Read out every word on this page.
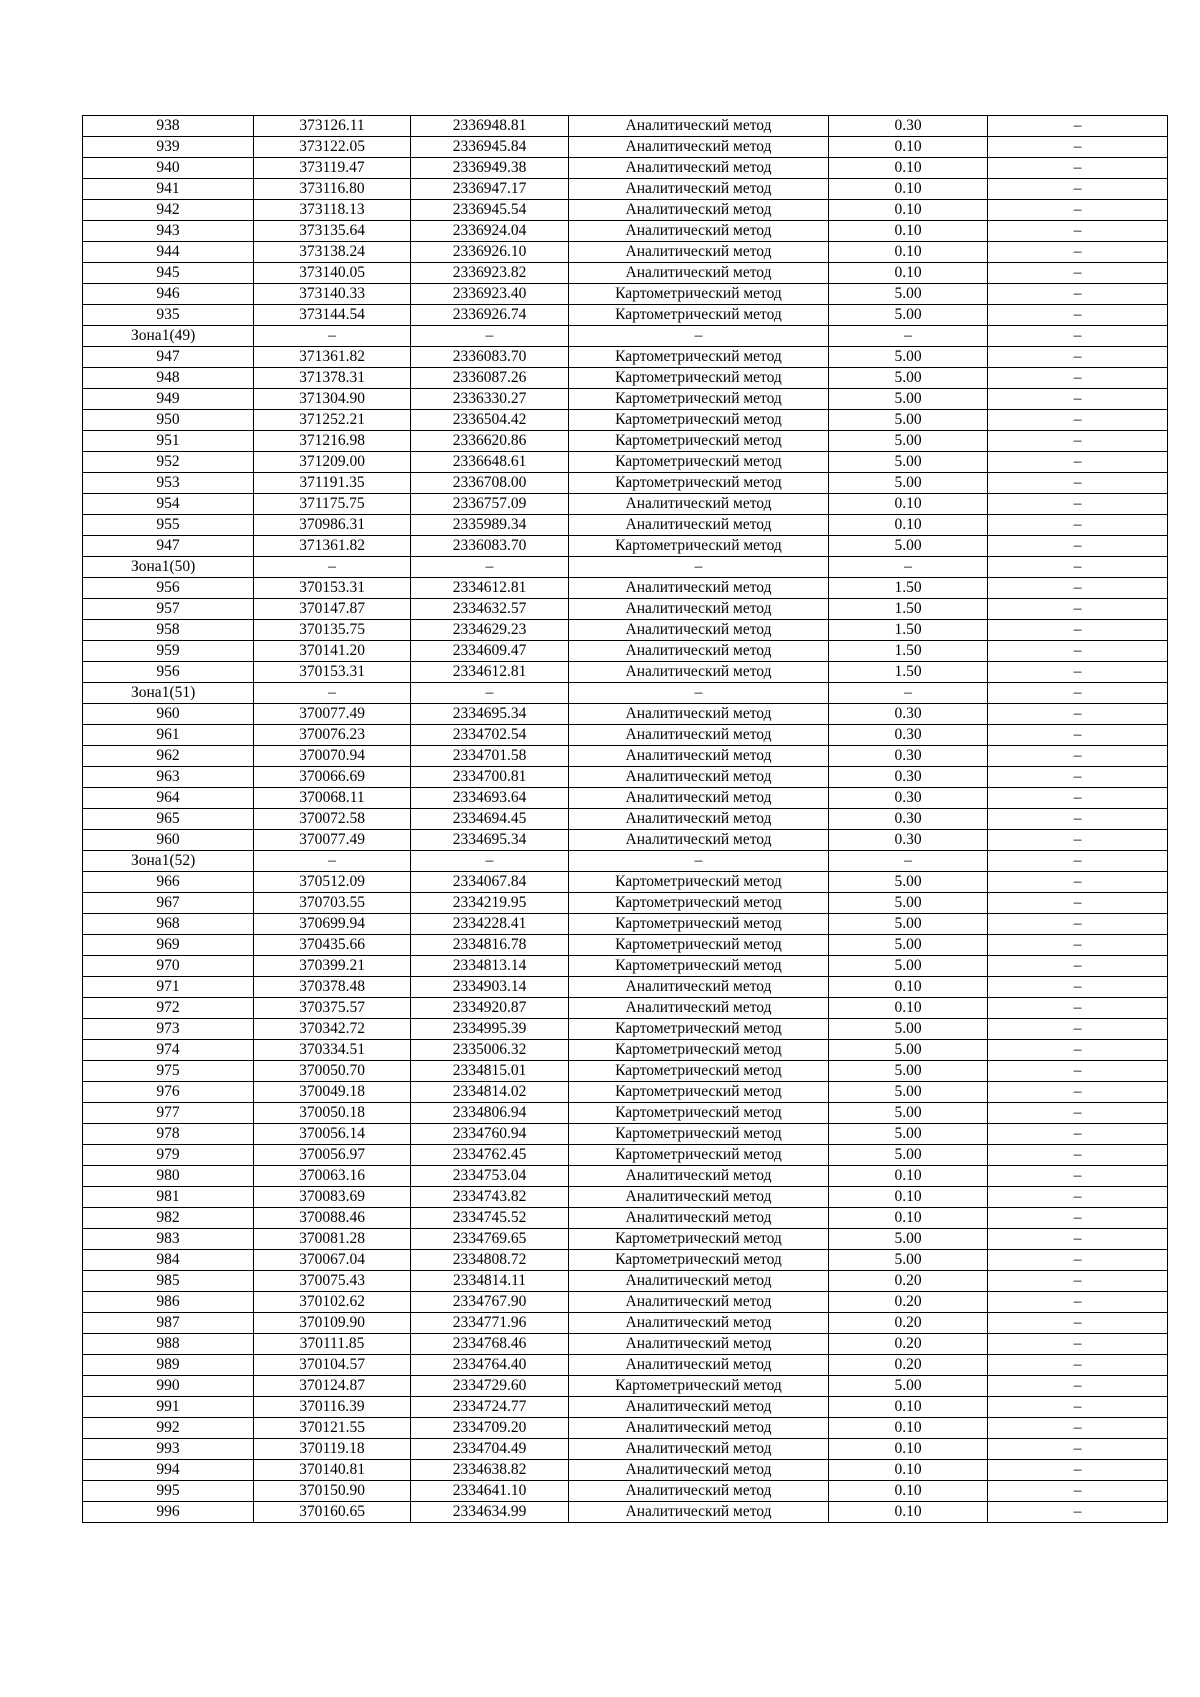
938	373126.11	2336948.81	Аналитический метод	0.30	–
939	373122.05	2336945.84	Аналитический метод	0.10	–
940	373119.47	2336949.38	Аналитический метод	0.10	–
941	373116.80	2336947.17	Аналитический метод	0.10	–
942	373118.13	2336945.54	Аналитический метод	0.10	–
943	373135.64	2336924.04	Аналитический метод	0.10	–
944	373138.24	2336926.10	Аналитический метод	0.10	–
945	373140.05	2336923.82	Аналитический метод	0.10	–
946	373140.33	2336923.40	Картометрический метод	5.00	–
935	373144.54	2336926.74	Картометрический метод	5.00	–
Зона1(49)	–	–	–	–	–
947	371361.82	2336083.70	Картометрический метод	5.00	–
948	371378.31	2336087.26	Картометрический метод	5.00	–
949	371304.90	2336330.27	Картометрический метод	5.00	–
950	371252.21	2336504.42	Картометрический метод	5.00	–
951	371216.98	2336620.86	Картометрический метод	5.00	–
952	371209.00	2336648.61	Картометрический метод	5.00	–
953	371191.35	2336708.00	Картометрический метод	5.00	–
954	371175.75	2336757.09	Аналитический метод	0.10	–
955	370986.31	2335989.34	Аналитический метод	0.10	–
947	371361.82	2336083.70	Картометрический метод	5.00	–
Зона1(50)	–	–	–	–	–
956	370153.31	2334612.81	Аналитический метод	1.50	–
957	370147.87	2334632.57	Аналитический метод	1.50	–
958	370135.75	2334629.23	Аналитический метод	1.50	–
959	370141.20	2334609.47	Аналитический метод	1.50	–
956	370153.31	2334612.81	Аналитический метод	1.50	–
Зона1(51)	–	–	–	–	–
960	370077.49	2334695.34	Аналитический метод	0.30	–
961	370076.23	2334702.54	Аналитический метод	0.30	–
962	370070.94	2334701.58	Аналитический метод	0.30	–
963	370066.69	2334700.81	Аналитический метод	0.30	–
964	370068.11	2334693.64	Аналитический метод	0.30	–
965	370072.58	2334694.45	Аналитический метод	0.30	–
960	370077.49	2334695.34	Аналитический метод	0.30	–
Зона1(52)	–	–	–	–	–
966	370512.09	2334067.84	Картометрический метод	5.00	–
967	370703.55	2334219.95	Картометрический метод	5.00	–
968	370699.94	2334228.41	Картометрический метод	5.00	–
969	370435.66	2334816.78	Картометрический метод	5.00	–
970	370399.21	2334813.14	Картометрический метод	5.00	–
971	370378.48	2334903.14	Аналитический метод	0.10	–
972	370375.57	2334920.87	Аналитический метод	0.10	–
973	370342.72	2334995.39	Картометрический метод	5.00	–
974	370334.51	2335006.32	Картометрический метод	5.00	–
975	370050.70	2334815.01	Картометрический метод	5.00	–
976	370049.18	2334814.02	Картометрический метод	5.00	–
977	370050.18	2334806.94	Картометрический метод	5.00	–
978	370056.14	2334760.94	Картометрический метод	5.00	–
979	370056.97	2334762.45	Картометрический метод	5.00	–
980	370063.16	2334753.04	Аналитический метод	0.10	–
981	370083.69	2334743.82	Аналитический метод	0.10	–
982	370088.46	2334745.52	Аналитический метод	0.10	–
983	370081.28	2334769.65	Картометрический метод	5.00	–
984	370067.04	2334808.72	Картометрический метод	5.00	–
985	370075.43	2334814.11	Аналитический метод	0.20	–
986	370102.62	2334767.90	Аналитический метод	0.20	–
987	370109.90	2334771.96	Аналитический метод	0.20	–
988	370111.85	2334768.46	Аналитический метод	0.20	–
989	370104.57	2334764.40	Аналитический метод	0.20	–
990	370124.87	2334729.60	Картометрический метод	5.00	–
991	370116.39	2334724.77	Аналитический метод	0.10	–
992	370121.55	2334709.20	Аналитический метод	0.10	–
993	370119.18	2334704.49	Аналитический метод	0.10	–
994	370140.81	2334638.82	Аналитический метод	0.10	–
995	370150.90	2334641.10	Аналитический метод	0.10	–
996	370160.65	2334634.99	Аналитический метод	0.10	–
